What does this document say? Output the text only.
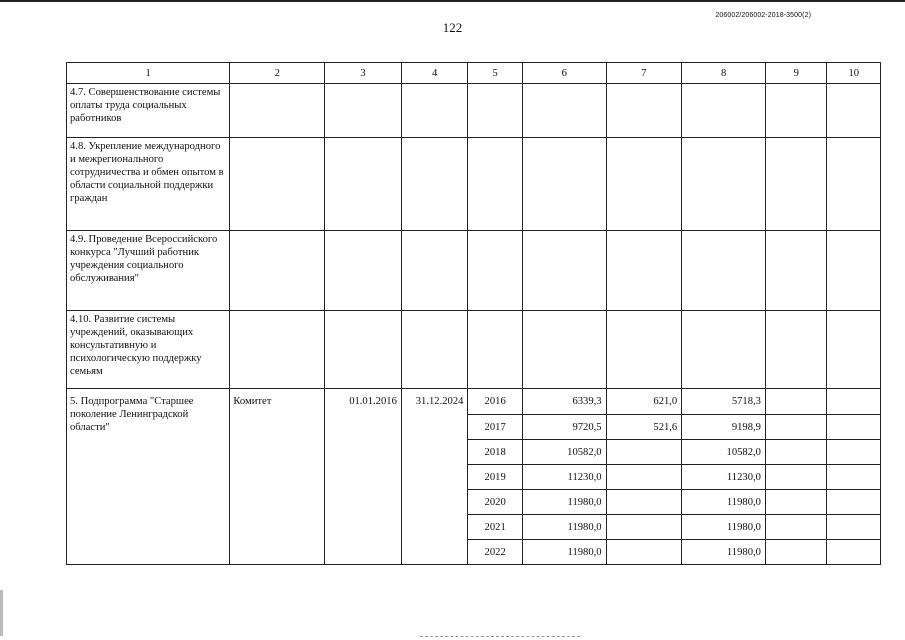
122
206002/206002-2018-3500(2)
1	2	3	4	5	6	7	8	9	10
4.7. Совершенствование системы оплаты труда социальных работников									
4.8. Укрепление международного и межрегионального сотрудничества и обмен опытом в области социальной поддержки граждан									
4.9. Проведение Всероссийского конкурса "Лучший работник учреждения социального обслуживания"									
4.10. Развитие системы учреждений, оказывающих консультативную и психологическую поддержку семьям									
5. Подпрограмма "Старшее поколение Ленинградской области"	Комитет	01.01.2016	31.12.2024	2016	6339,3	621,0	5718,3		
				2017	9720,5	521,6	9198,9		
				2018	10582,0		10582,0		
				2019	11230,0		11230,0		
				2020	11980,0		11980,0		
				2021	11980,0		11980,0		
				2022	11980,0		11980,0		
